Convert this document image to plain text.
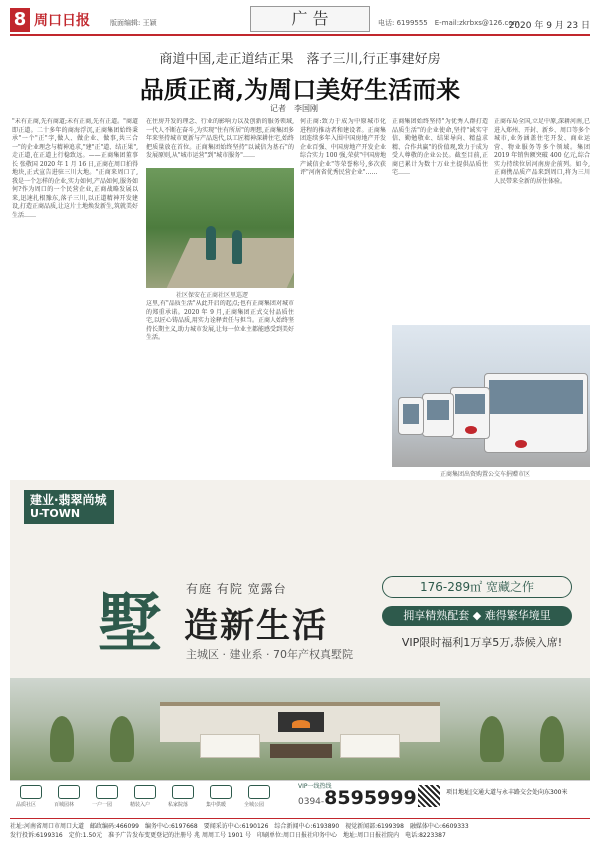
8 周口日报	版面编辑: 王颖	广 告	电话: 6199555　E-mail:zkrbxs@126.com
2020 年 9 月 23 日
商道中国,走正道结正果　落子三川,行正事建好房
品质正商,为周口美好生活而来
记者　李国刚
"未有正商,先有商道;未有正商,先有正道。"商道即正道。二十多年的商海浮沉,正商集团始终秉承"一个"正"字,做人、做企业、做事,共三合一"的企业理念与精神追求,"建"正"道、结正果",走正道,在正道上行稳致远。——正商集团董事长 张敬国 2020 年 1 月 16 日,正商在周口拍得地块,正式宣告进驻三川大地。"正商来周口了,我是一个怎样的企业,实力如何,产品如何,服务如何?作为周口的一个民营企业,正商战略发展以来,迅速扎根豫东,落子三川,以正道精神开发建设,打造正商品质,让这片土地焕发新生,筑就美好生活……
在住房开发的理念、行业的影响力以及创新的服务领域,一代人不断在奋斗,为实现"住有所居"的理想,正商集团多年来坚持城市更新与产品迭代,以工匠精神深耕住宅,始终把质量放在首位。正商集团始终坚持"以诚信为基石"的发展原则,从"城市运营"到"城市服务"……
社区保安在正商社区里巡逻
这里,有"品质生活"从此开启的起点;也有正商集团对城市的郑重承诺。2020 年 9 月,正商集团正式交付品质住宅,以匠心铸品质,用实力诠释责任与担当。正商人始终坚持长期主义,助力城市发展,让每一位业主都能感受到美好生活。
何正商:致力于成为中原城市化进程的推动者和建设者。正商集团连续多年入围中国房地产开发企业百强、中国房地产开发企业综合实力 100 强,荣获"中国房地产诚信企业"等荣誉称号,多次获评"河南省优秀民营企业"……
正商集团始终坚持"为优秀人群打造品质生活"的企业使命,坚持"诚实守信、勤勉敬业、结果导向、精益求精、合作共赢"的价值观,致力于成为受人尊敬的企业公民。截至目前,正商已累计为数十万业主提供品质住宅……
正商布局全国,立足中原,深耕河南,已进入郑州、开封、新乡、周口等多个城市,业务涵盖住宅开发、商业运营、物业服务等多个领域。集团 2019 年销售额突破 400 亿元,综合实力持续位居河南房企前列。如今,正商携品质产品来到周口,将为三川人民带来全新的居住体验。
正商集团出资购置公交车捐赠市区
建业·翡翠尚城
U-TOWN
墅 有庭 有院 宽露台
造新生活
主城区 · 建业系 · 70年产权真墅院
176-289㎡ 宽藏之作
拥享精熟配套 ◆ 难得繁华境里
VIP限时福利1万享5万,恭候入席!
品质社区	百城园林	一户一园	精装入户	私家院落	集中供暖	全城公园
VIP一线热线
0394-8595999	项目地址|交通大道与永丰路交会处向东300米
社址:河南省周口市周口大道　邮政编码:466099　编务中心:6197668　要闻采访中心:6190126　综合新闻中心:6193890　视觉新闻部:6199398　融媒体中心:6609333
发行投诉:6199316　定价:1.50元　准予广告发布变更登记的注册号 兆 周周工号 1901 号　印刷单位:周口日报社印务中心　地址:周口日报社院内　电话:8223387
